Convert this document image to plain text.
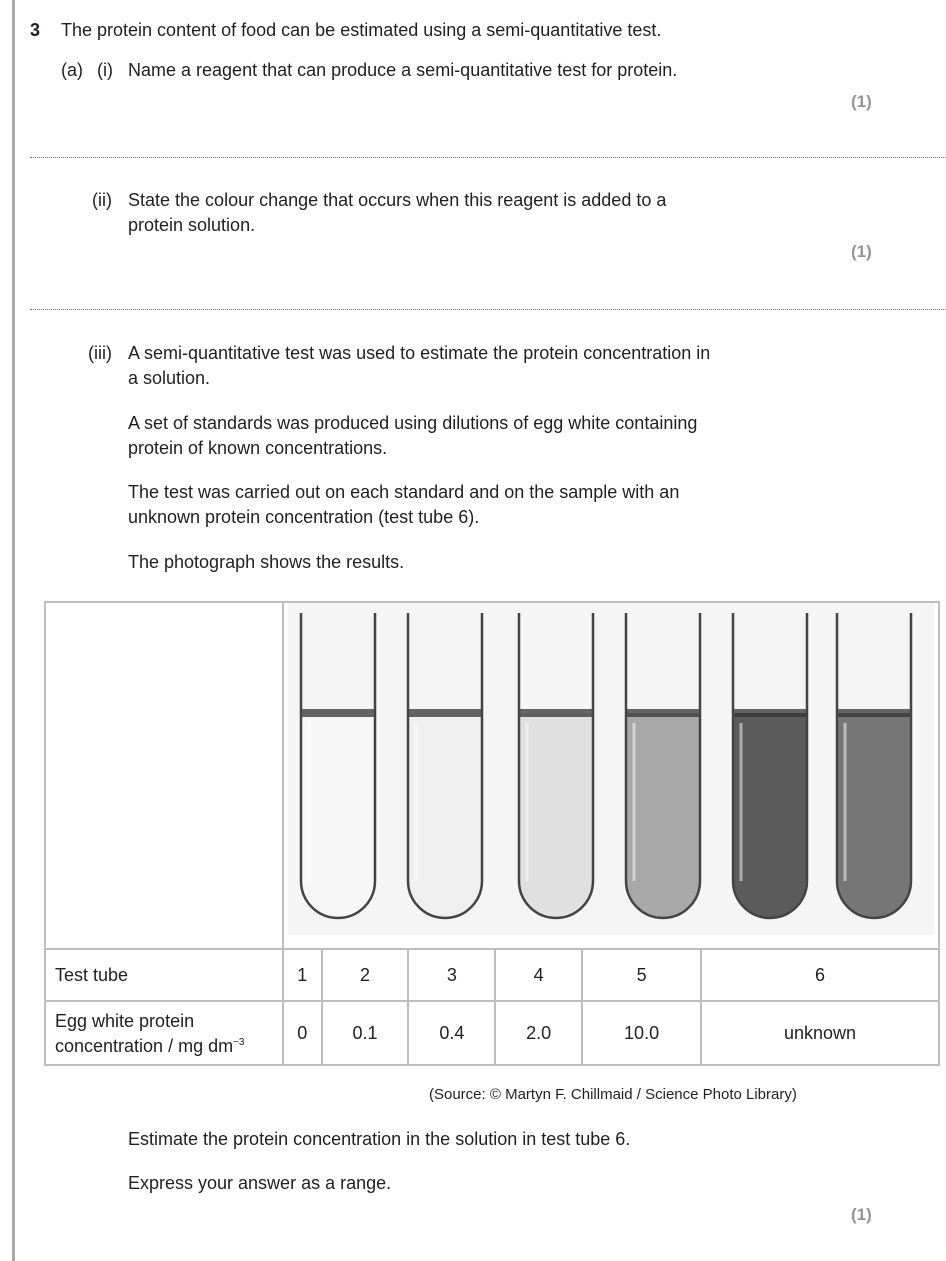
3 The protein content of food can be estimated using a semi-quantitative test.
(a) (i) Name a reagent that can produce a semi-quantitative test for protein.
(1)
(ii) State the colour change that occurs when this reagent is added to a
protein solution.
(1)
(iii) A semi-quantitative test was used to estimate the protein concentration in
a solution.
A set of standards was produced using dilutions of egg white containing
protein of known concentrations.
The test was carried out on each standard and on the sample with an
unknown protein concentration (test tube 6).
The photograph shows the results.

Test tube	1	2	3	4	5	6
Egg white protein
concentration / mg $dm^{-3}$	0	0.1	0.4	2.0	10.0	unknown
(Source: © Martyn F. Chillmaid / Science Photo Library)
Estimate the protein concentration in the solution in test tube 6.
Express your answer as a range.
(1)
